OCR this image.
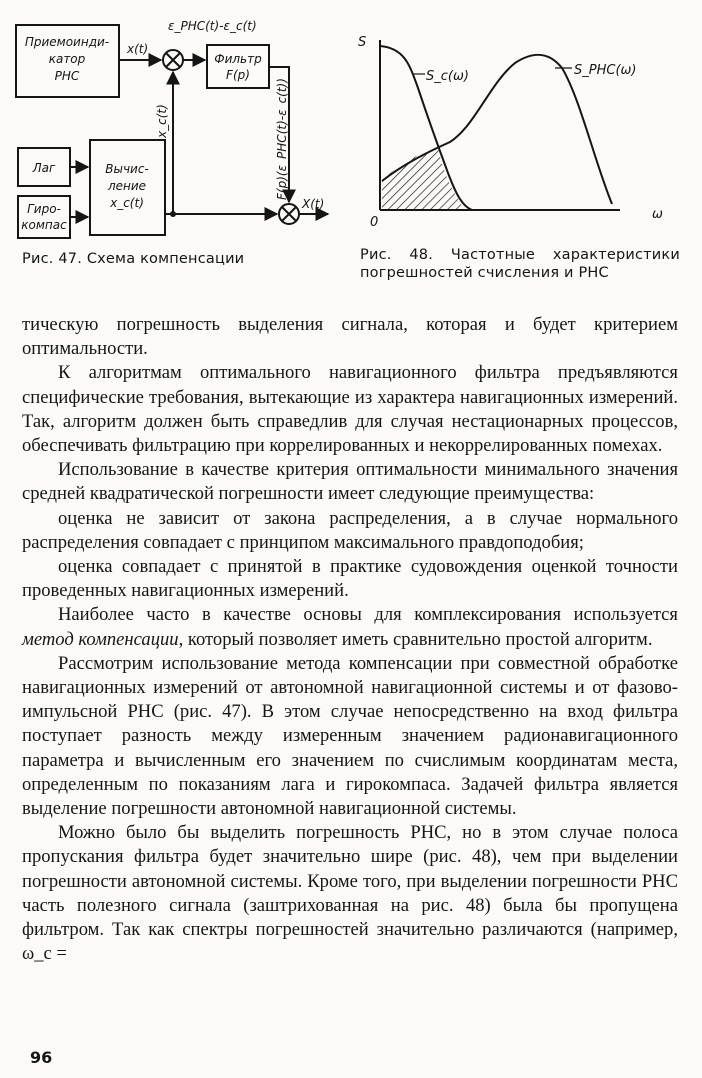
Приемоинди-
катор
РНС
Лаг
Гиро-
компас
Вычис-
ление
x_c(t)
Фильтр
F(p)
x(t)
ε_РНС(t)-ε_c(t)
x_c(t)	F(p)(ε_РНС(t)-ε_c(t))
X(t)
Рис. 47. Схема компенсации
S
0
ω
S_c(ω)	S_РНС(ω)
Рис. 48. Частотные характеристики погрешностей счисления и РНС

тическую погрешность выделения сигнала, которая и будет критерием оптимальности.

К алгоритмам оптимального навигационного фильтра предъявляются специфические требования, вытекающие из характера навигационных измерений. Так, алгоритм должен быть справедлив для случая нестационарных процессов, обеспечивать фильтрацию при коррелированных и некоррелированных помехах.

Использование в качестве критерия оптимальности минимального значения средней квадратической погрешности имеет следующие преимущества:

оценка не зависит от закона распределения, а в случае нормального распределения совпадает с принципом максимального правдоподобия;

оценка совпадает с принятой в практике судовождения оценкой точности проведенных навигационных измерений.

Наиболее часто в качестве основы для комплексирования используется метод компенсации, который позволяет иметь сравнительно простой алгоритм.

Рассмотрим использование метода компенсации при совместной обработке навигационных измерений от автономной навигационной системы и от фазово-импульсной РНС (рис. 47). В этом случае непосредственно на вход фильтра поступает разность между измеренным значением радионавигационного параметра и вычисленным его значением по счислимым координатам места, определенным по показаниям лага и гирокомпаса. Задачей фильтра является выделение погрешности автономной навигационной системы.

Можно было бы выделить погрешность РНС, но в этом случае полоса пропускания фильтра будет значительно шире (рис. 48), чем при выделении погрешности автономной системы. Кроме того, при выделении погрешности РНС часть полезного сигнала (заштрихованная на рис. 48) была бы пропущена фильтром. Так как спектры погрешностей значительно различаются (например, ω_c =

96
